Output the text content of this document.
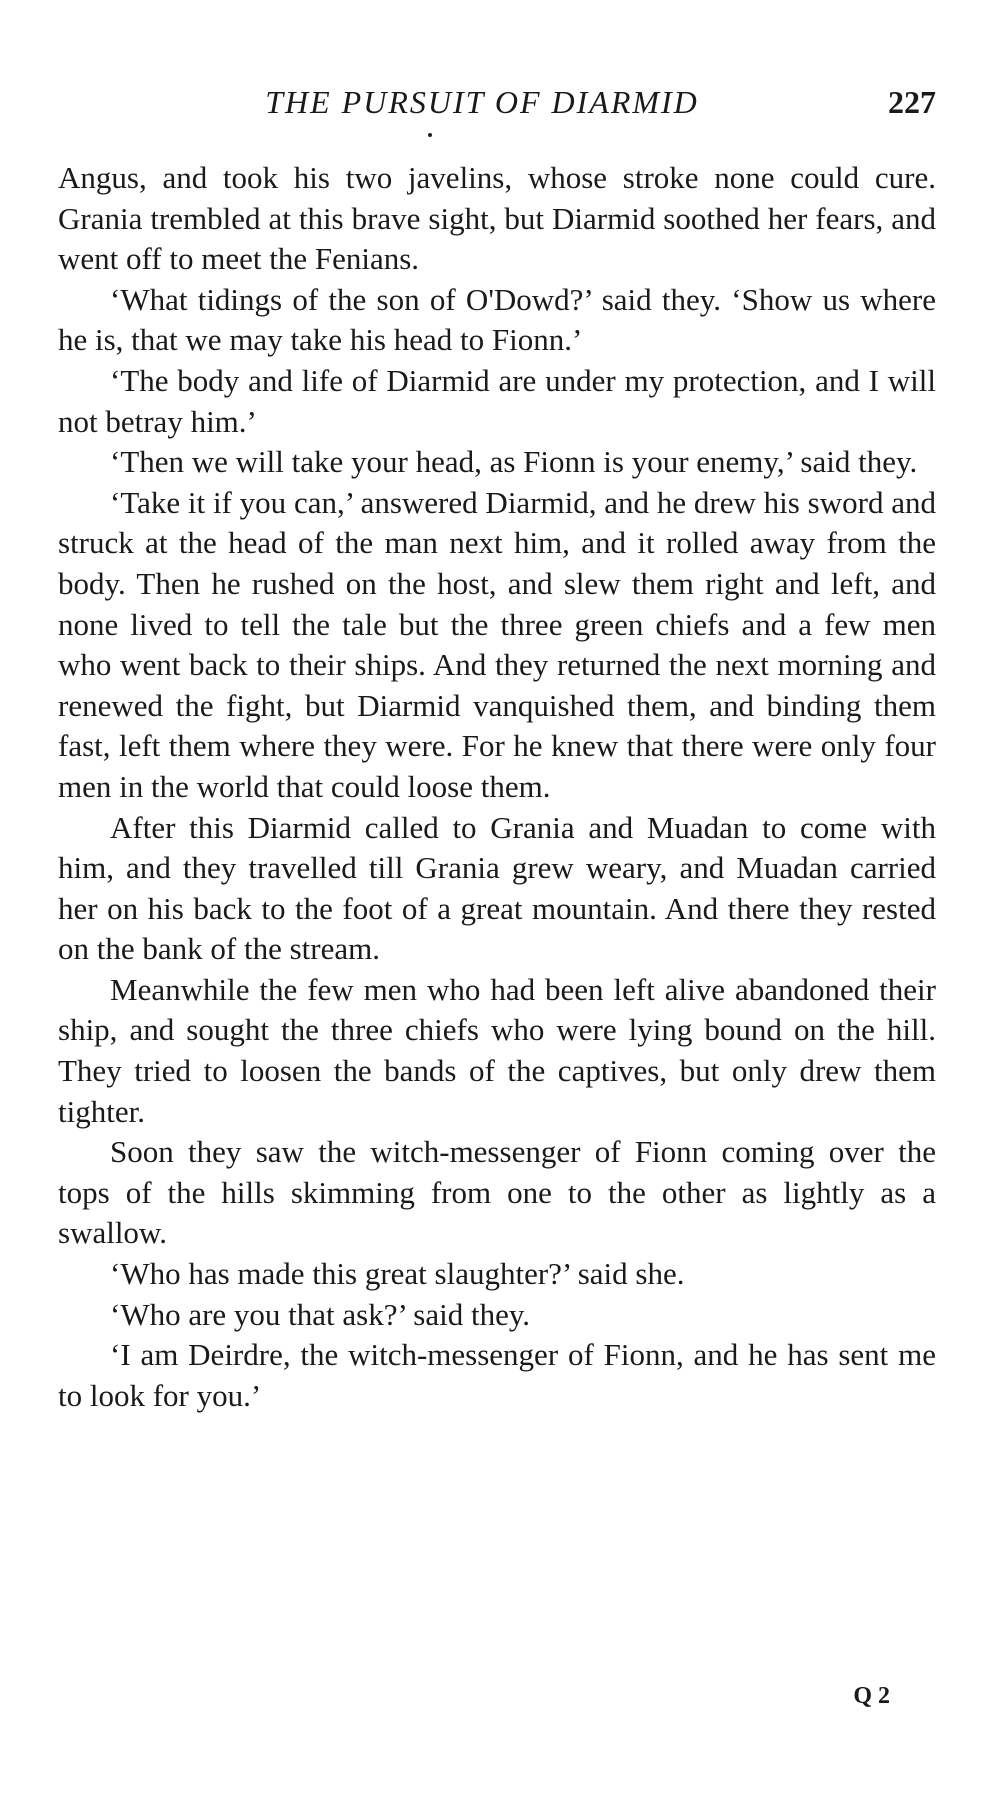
THE PURSUIT OF DIARMID	227

Angus, and took his two javelins, whose stroke none could cure. Grania trembled at this brave sight, but Diarmid soothed her fears, and went off to meet the Fenians.

‘What tidings of the son of O'Dowd?’ said they. ‘Show us where he is, that we may take his head to Fionn.’

‘The body and life of Diarmid are under my protection, and I will not betray him.’

‘Then we will take your head, as Fionn is your enemy,’ said they.

‘Take it if you can,’ answered Diarmid, and he drew his sword and struck at the head of the man next him, and it rolled away from the body. Then he rushed on the host, and slew them right and left, and none lived to tell the tale but the three green chiefs and a few men who went back to their ships. And they returned the next morning and renewed the fight, but Diarmid vanquished them, and binding them fast, left them where they were. For he knew that there were only four men in the world that could loose them.

After this Diarmid called to Grania and Muadan to come with him, and they travelled till Grania grew weary, and Muadan carried her on his back to the foot of a great mountain. And there they rested on the bank of the stream.

Meanwhile the few men who had been left alive abandoned their ship, and sought the three chiefs who were lying bound on the hill. They tried to loosen the bands of the captives, but only drew them tighter.

Soon they saw the witch-messenger of Fionn coming over the tops of the hills skimming from one to the other as lightly as a swallow.

‘Who has made this great slaughter?’ said she.

‘Who are you that ask?’ said they.

‘I am Deirdre, the witch-messenger of Fionn, and he has sent me to look for you.’

Q 2
